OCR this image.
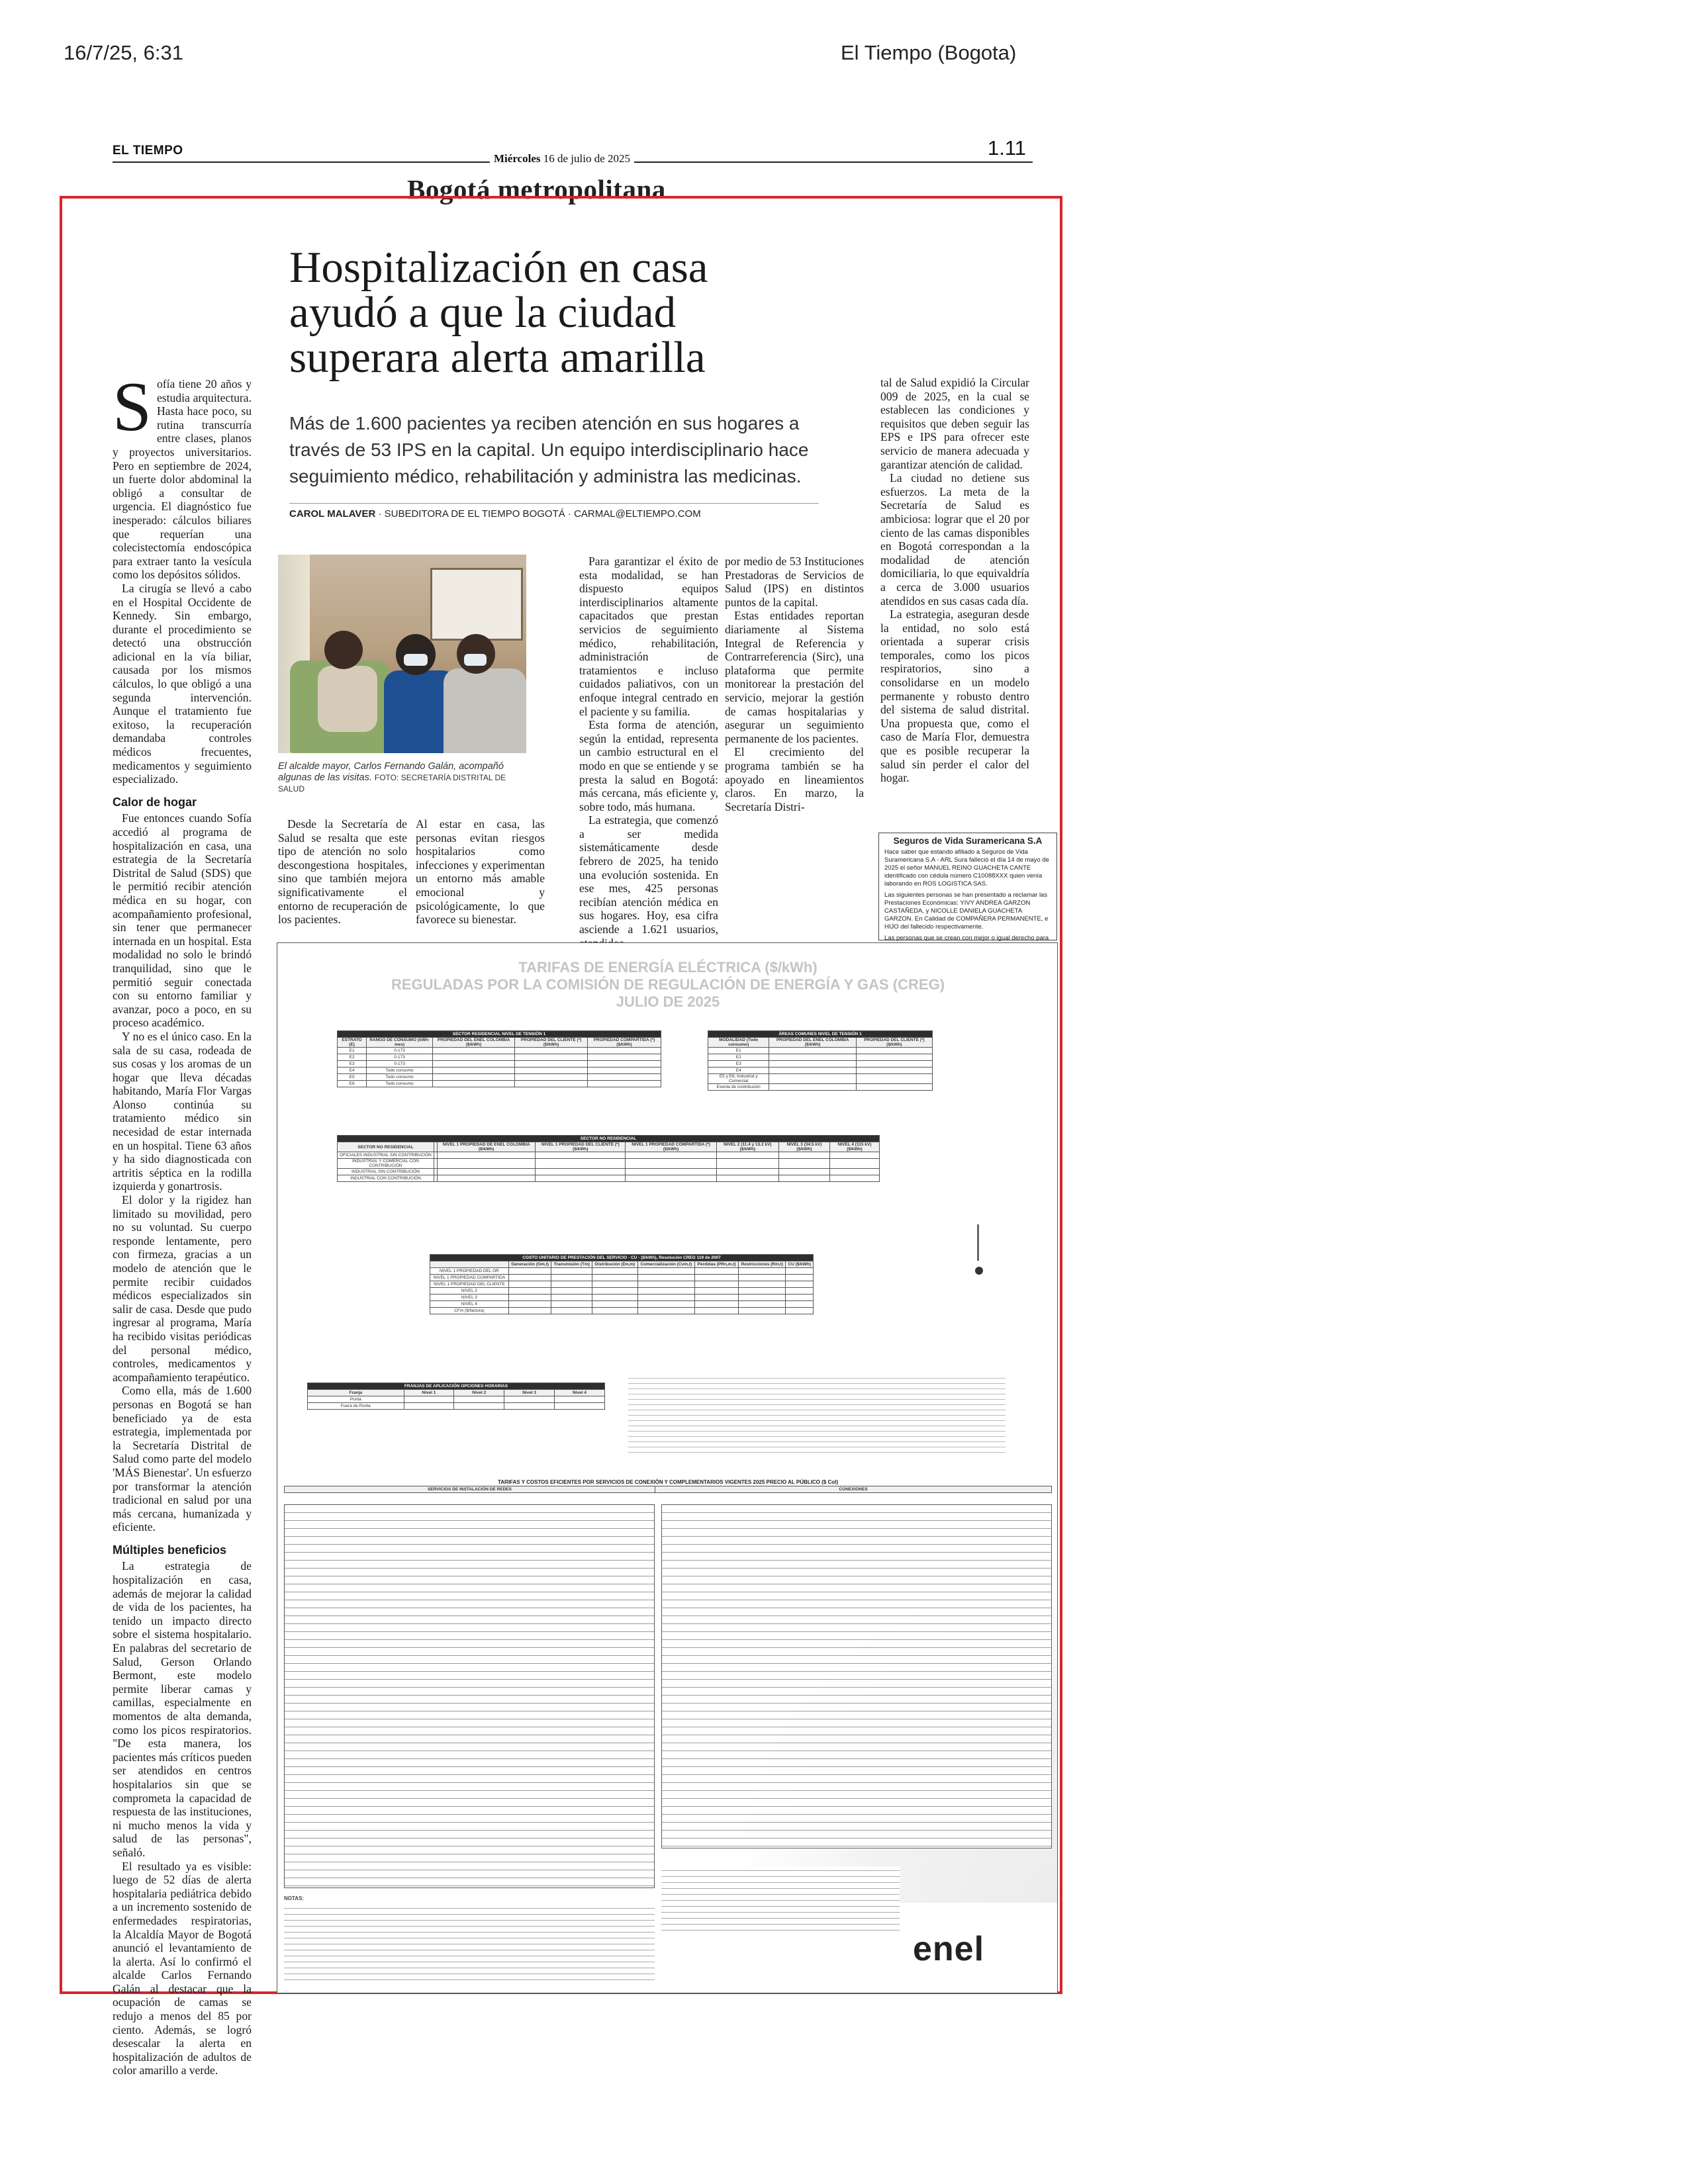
16/7/25, 6:31	El Tiempo (Bogota)
EL TIEMPO
Miércoles 16 de julio de 2025	1.11
Bogotá metropolitana
Hospitalización en casa ayudó a que la ciudad superara alerta amarilla
Más de 1.600 pacientes ya reciben atención en sus hogares a través de 53 IPS en la capital. Un equipo interdisciplinario hace seguimiento médico, rehabilitación y administra las medicinas.
CAROL MALAVER · SUBEDITORA DE EL TIEMPO BOGOTÁ · CARMAL@ELTIEMPO.COM
S ofía tiene 20 años y estudia arquitectura. Hasta hace poco, su rutina transcurría entre clases, planos y proyectos universitarios. Pero en septiembre de 2024, un fuerte dolor abdominal la obligó a consultar de urgencia. El diagnóstico fue inesperado: cálculos biliares que requerían una colecistectomía endoscópica para extraer tanto la vesícula como los depósitos sólidos.

La cirugía se llevó a cabo en el Hospital Occidente de Kennedy. Sin embargo, durante el procedimiento se detectó una obstrucción adicional en la vía biliar, causada por los mismos cálculos, lo que obligó a una segunda intervención. Aunque el tratamiento fue exitoso, la recuperación demandaba controles médicos frecuentes, medicamentos y seguimiento especializado.

Calor de hogar

Fue entonces cuando Sofía accedió al programa de hospitalización en casa, una estrategia de la Secretaría Distrital de Salud (SDS) que le permitió recibir atención médica en su hogar, con acompañamiento profesional, sin tener que permanecer internada en un hospital. Esta modalidad no solo le brindó tranquilidad, sino que le permitió seguir conectada con su entorno familiar y avanzar, poco a poco, en su proceso académico.

Y no es el único caso. En la sala de su casa, rodeada de sus cosas y los aromas de un hogar que lleva décadas habitando, María Flor Vargas Alonso continúa su tratamiento médico sin necesidad de estar internada en un hospital. Tiene 63 años y ha sido diagnosticada con artritis séptica en la rodilla izquierda y gonartrosis.

El dolor y la rigidez han limitado su movilidad, pero no su voluntad. Su cuerpo responde lentamente, pero con firmeza, gracias a un modelo de atención que le permite recibir cuidados médicos especializados sin salir de casa. Desde que pudo ingresar al programa, María ha recibido visitas periódicas del personal médico, controles, medicamentos y acompañamiento terapéutico.

Como ella, más de 1.600 personas en Bogotá se han beneficiado ya de esta estrategia, implementada por la Secretaría Distrital de Salud como parte del modelo 'MÁS Bienestar'. Un esfuerzo por transformar la atención tradicional en salud por una más cercana, humanizada y eficiente.

Múltiples beneficios

La estrategia de hospitalización en casa, además de mejorar la calidad de vida de los pacientes, ha tenido un impacto directo sobre el sistema hospitalario. En palabras del secretario de Salud, Gerson Orlando Bermont, este modelo permite liberar camas y camillas, especialmente en momentos de alta demanda, como los picos respiratorios. "De esta manera, los pacientes más críticos pueden ser atendidos en centros hospitalarios sin que se comprometa la capacidad de respuesta de las instituciones, ni mucho menos la vida y salud de las personas", señaló.

El resultado ya es visible: luego de 52 días de alerta hospitalaria pediátrica debido a un incremento sostenido de enfermedades respiratorias, la Alcaldía Mayor de Bogotá anunció el levantamiento de la alerta. Así lo confirmó el alcalde Carlos Fernando Galán al destacar que la ocupación de camas se redujo a menos del 85 por ciento. Además, se logró desescalar la alerta en hospitalización de adultos de color amarillo a verde.

El alcalde mayor, Carlos Fernando Galán, acompañó algunas de las visitas. FOTO: SECRETARÍA DISTRITAL DE SALUD

Desde la Secretaría de Salud se resalta que este tipo de atención no solo descongestiona hospitales, sino que también mejora significativamente el entorno de recuperación de los pacientes.

Al estar en casa, las personas evitan riesgos hospitalarios como infecciones y experimentan un entorno más amable emocional y psicológicamente, lo que favorece su bienestar.

Para garantizar el éxito de esta modalidad, se han dispuesto equipos interdisciplinarios altamente capacitados que prestan servicios de seguimiento médico, rehabilitación, administración de tratamientos e incluso cuidados paliativos, con un enfoque integral centrado en el paciente y su familia.

Esta forma de atención, según la entidad, representa un cambio estructural en el modo en que se entiende y se presta la salud en Bogotá: más cercana, más eficiente y, sobre todo, más humana.

La estrategia, que comenzó a ser medida sistemáticamente desde febrero de 2025, ha tenido una evolución sostenida. En ese mes, 425 personas recibían atención médica en sus hogares. Hoy, esa cifra asciende a 1.621 usuarios,

por medio de 53 Instituciones Prestadoras de Servicios de Salud (IPS) en distintos puntos de la capital.

Estas entidades reportan diariamente al Sistema Integral de Referencia y Contrarreferencia (Sirc), una plataforma que permite monitorear la prestación del servicio, mejorar la gestión de camas hospitalarias y asegurar un seguimiento permanente de los pacientes.

El crecimiento del programa también se ha apoyado en lineamientos claros. En marzo, la Secretaría Distri-

tal de Salud expidió la Circular 009 de 2025, en la cual se establecen las condiciones y requisitos que deben seguir las EPS e IPS para ofrecer este servicio de manera adecuada y garantizar atención de calidad.

La ciudad no detiene sus esfuerzos. La meta de la Secretaría de Salud es ambiciosa: lograr que el 20 por ciento de las camas disponibles en Bogotá correspondan a la modalidad de atención domiciliaria, lo que equivaldría a cerca de 3.000 usuarios atendidos en sus casas cada día.

La estrategia, aseguran desde la entidad, no solo está orientada a superar crisis temporales, como los picos respiratorios, sino a consolidarse en un modelo permanente y robusto dentro del sistema de salud distrital. Una propuesta que, como el caso de María Flor, demuestra que es posible recuperar la salud sin perder el calor del hogar.

Seguros de Vida Suramericana S.A

Hace saber que estando afiliado a Seguros de Vida Suramericana S.A - ARL Sura falleció el día 14 de mayo de 2025 el señor MANUEL REINO GUACHETA CANTE identificado con cédula número C10088XXX quien venía laborando en ROS LOGISTICA SAS.

Las siguientes personas se han presentado a reclamar las Prestaciones Económicas: YIVY ANDREA GARZON CASTAÑEDA, y NICOLLE DANIELA GUACHETA GARZON. En Calidad de COMPAÑERA PERMANENTE, e HIJO del fallecido respectivamente.

Las personas que se crean con mejor o igual derecho para

TARIFAS DE ENERGÍA ELÉCTRICA ($/kWh)
REGULADAS POR LA COMISIÓN DE REGULACIÓN DE ENERGÍA Y GAS (CREG)
JULIO DE 2025
SECTOR RESIDENCIAL NIVEL DE TENSIÓN 1				
ESTRATO (E)	RANGO DE CONSUMO (kWh-mes)	PROPIEDAD DEL ENEL COLOMBIA ($/kWh)	PROPIEDAD DEL CLIENTE (*) ($/kWh)	PROPIEDAD COMPARTIDA (*) ($/kWh)
E1	0-173			
E2	0-173			
E3	0-173			
E4	Todo consumo			
E5	Todo consumo			
E6	Todo consumo			
ÁREAS COMUNES NIVEL DE TENSIÓN 1		
MODALIDAD (Todo consumo)	PROPIEDAD DEL ENEL COLOMBIA ($/kWh)	PROPIEDAD DEL CLIENTE (*) ($/kWh)
E1		
E2		
E3		
E4		
E5 y E6, Industrial y Comercial		
Exenta de contribución		
SECTOR NO RESIDENCIAL							
SECTOR NO RESIDENCIAL		NIVEL 1 PROPIEDAD DE ENEL COLOMBIA ($/kWh)	NIVEL 1 PROPIEDAD DEL CLIENTE (*) ($/kWh)	NIVEL 1 PROPIEDAD COMPARTIDA (*) ($/kWh)	NIVEL 2 (11.4 y 13.2 kV) ($/kWh)	NIVEL 3 (34.5 kV) ($/kWh)	NIVEL 4 (115 kV) ($/kWh)
OFICIALES INDUSTRIAL SIN CONTRIBUCIÓN							
INDUSTRIAL Y COMERCIAL CON CONTRIBUCIÓN							
INDUSTRIAL SIN CONTRIBUCIÓN							
INDUSTRIAL CON CONTRIBUCIÓN							
COSTO UNITARIO DE PRESTACIÓN DEL SERVICIO - CU - ($/kWh), Resolución CREG 119 de 2007							
	Generación (Gm,t)	Transmisión (Tm)	Distribución (Dn,m)	Comercialización (Cvm,t)	Pérdidas (PRn,m,t)	Restricciones (Rm,t)	CU ($/kWh)
NIVEL 1 PROPIEDAD DEL OR							
NIVEL 1 PROPIEDAD COMPARTIDA							
NIVEL 1 PROPIEDAD DEL CLIENTE							
NIVEL 2							
NIVEL 3							
NIVEL 4							
CFm ($/factura)							
FRANJAS DE APLICACIÓN OPCIONES HORARIAS				
Franja	Nivel 1	Nivel 2	Nivel 3	Nivel 4
Punta				
Fuera de Punta				
TARIFAS Y COSTOS EFICIENTES POR SERVICIOS DE CONEXIÓN Y COMPLEMENTARIOS VIGENTES 2025 PRECIO AL PÚBLICO ($ Col)
SERVICIOS DE INSTALACIÓN DE REDES	CONEXIONES
NOTAS:
enel
